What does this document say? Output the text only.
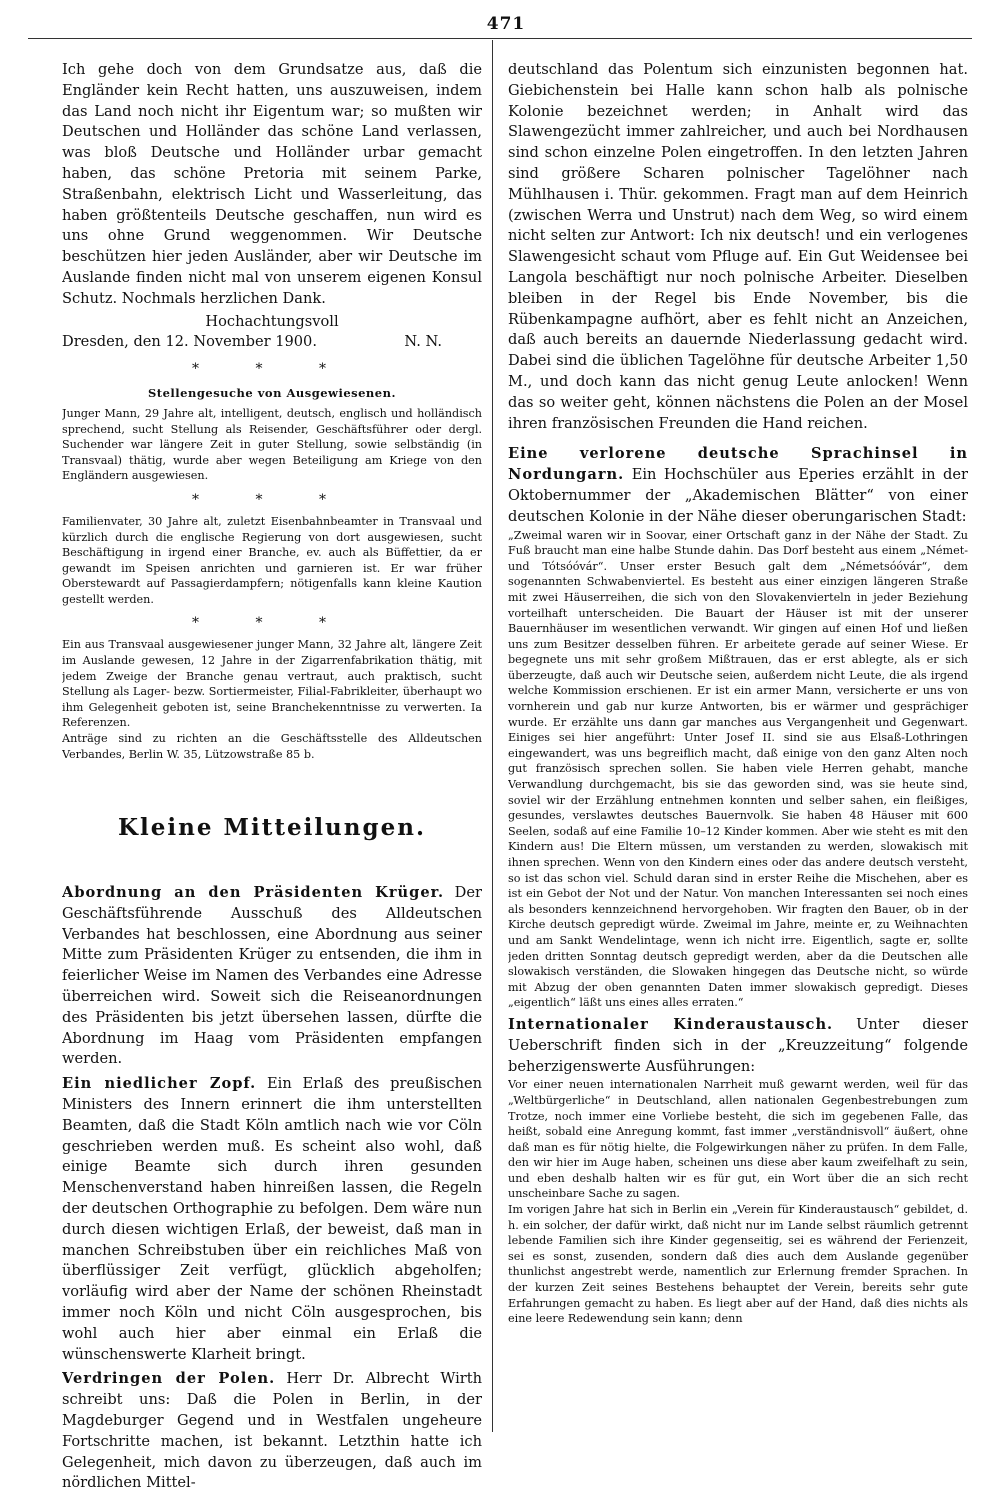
471

Ich gehe doch von dem Grundsatze aus, daß die Engländer kein Recht hatten, uns auszuweisen, indem das Land noch nicht ihr Eigentum war; so mußten wir Deutschen und Holländer das schöne Land verlassen, was bloß Deutsche und Holländer urbar gemacht haben, das schöne Pretoria mit seinem Parke, Straßenbahn, elektrisch Licht und Wasserleitung, das haben größtenteils Deutsche geschaffen, nun wird es uns ohne Grund weggenommen. Wir Deutsche beschützen hier jeden Ausländer, aber wir Deutsche im Auslande finden nicht mal von unserem eigenen Konsul Schutz. Nochmals herzlichen Dank.

Hochachtungsvoll

Dresden, den 12. November 1900.	N. N.
* * *
Stellengesuche von Ausgewiesenen.

Junger Mann, 29 Jahre alt, intelligent, deutsch, englisch und holländisch sprechend, sucht Stellung als Reisender, Geschäftsführer oder dergl. Suchender war längere Zeit in guter Stellung, sowie selbständig (in Transvaal) thätig, wurde aber wegen Beteiligung am Kriege von den Engländern ausgewiesen.

* * *

Familienvater, 30 Jahre alt, zuletzt Eisenbahnbeamter in Transvaal und kürzlich durch die englische Regierung von dort ausgewiesen, sucht Beschäftigung in irgend einer Branche, ev. auch als Büffettier, da er gewandt im Speisen anrichten und garnieren ist. Er war früher Oberstewardt auf Passagierdampfern; nötigenfalls kann kleine Kaution gestellt werden.

* * *

Ein aus Transvaal ausgewiesener junger Mann, 32 Jahre alt, längere Zeit im Auslande gewesen, 12 Jahre in der Zigarrenfabrikation thätig, mit jedem Zweige der Branche genau vertraut, auch praktisch, sucht Stellung als Lager- bezw. Sortiermeister, Filial-Fabrikleiter, überhaupt wo ihm Gelegenheit geboten ist, seine Branchekenntnisse zu verwerten. Ia Referenzen.

Anträge sind zu richten an die Geschäftsstelle des Alldeutschen Verbandes, Berlin W. 35, Lützowstraße 85 b.

Kleine Mitteilungen.

Abordnung an den Präsidenten Krüger. Der Geschäftsführende Ausschuß des Alldeutschen Verbandes hat beschlossen, eine Abordnung aus seiner Mitte zum Präsidenten Krüger zu entsenden, die ihm in feierlicher Weise im Namen des Verbandes eine Adresse überreichen wird. Soweit sich die Reiseanordnungen des Präsidenten bis jetzt übersehen lassen, dürfte die Abordnung im Haag vom Präsidenten empfangen werden.

Ein niedlicher Zopf. Ein Erlaß des preußischen Ministers des Innern erinnert die ihm unterstellten Beamten, daß die Stadt Köln amtlich nach wie vor Cöln geschrieben werden muß. Es scheint also wohl, daß einige Beamte sich durch ihren gesunden Menschenverstand haben hinreißen lassen, die Regeln der deutschen Orthographie zu befolgen. Dem wäre nun durch diesen wichtigen Erlaß, der beweist, daß man in manchen Schreibstuben über ein reichliches Maß von überflüssiger Zeit verfügt, glücklich abgeholfen; vorläufig wird aber der Name der schönen Rheinstadt immer noch Köln und nicht Cöln ausgesprochen, bis wohl auch hier aber einmal ein Erlaß die wünschenswerte Klarheit bringt.

Verdringen der Polen. Herr Dr. Albrecht Wirth schreibt uns: Daß die Polen in Berlin, in der Magdeburger Gegend und in Westfalen ungeheure Fortschritte machen, ist bekannt. Letzthin hatte ich Gelegenheit, mich davon zu überzeugen, daß auch im nördlichen Mittel-

deutschland das Polentum sich einzunisten begonnen hat. Giebichenstein bei Halle kann schon halb als polnische Kolonie bezeichnet werden; in Anhalt wird das Slawengezücht immer zahlreicher, und auch bei Nordhausen sind schon einzelne Polen eingetroffen. In den letzten Jahren sind größere Scharen polnischer Tagelöhner nach Mühlhausen i. Thür. gekommen. Fragt man auf dem Heinrich (zwischen Werra und Unstrut) nach dem Weg, so wird einem nicht selten zur Antwort: Ich nix deutsch! und ein verlogenes Slawengesicht schaut vom Pfluge auf. Ein Gut Weidensee bei Langola beschäftigt nur noch polnische Arbeiter. Dieselben bleiben in der Regel bis Ende November, bis die Rübenkampagne aufhört, aber es fehlt nicht an Anzeichen, daß auch bereits an dauernde Niederlassung gedacht wird. Dabei sind die üblichen Tagelöhne für deutsche Arbeiter 1,50 M., und doch kann das nicht genug Leute anlocken! Wenn das so weiter geht, können nächstens die Polen an der Mosel ihren französischen Freunden die Hand reichen.

Eine verlorene deutsche Sprachinsel in Nordungarn. Ein Hochschüler aus Eperies erzählt in der Oktobernummer der „Akademischen Blätter“ von einer deutschen Kolonie in der Nähe dieser oberungarischen Stadt:

„Zweimal waren wir in Soovar, einer Ortschaft ganz in der Nähe der Stadt. Zu Fuß braucht man eine halbe Stunde dahin. Das Dorf besteht aus einem „Német- und Tótsóóvár“. Unser erster Besuch galt dem „Németsóóvár“, dem sogenannten Schwabenviertel. Es besteht aus einer einzigen längeren Straße mit zwei Häuserreihen, die sich von den Slovakenvierteln in jeder Beziehung vorteilhaft unterscheiden. Die Bauart der Häuser ist mit der unserer Bauernhäuser im wesentlichen verwandt. Wir gingen auf einen Hof und ließen uns zum Besitzer desselben führen. Er arbeitete gerade auf seiner Wiese. Er begegnete uns mit sehr großem Mißtrauen, das er erst ablegte, als er sich überzeugte, daß auch wir Deutsche seien, außerdem nicht Leute, die als irgend welche Kommission erschienen. Er ist ein armer Mann, versicherte er uns von vornherein und gab nur kurze Antworten, bis er wärmer und gesprächiger wurde. Er erzählte uns dann gar manches aus Vergangenheit und Gegenwart. Einiges sei hier angeführt: Unter Josef II. sind sie aus Elsaß-Lothringen eingewandert, was uns begreiflich macht, daß einige von den ganz Alten noch gut französisch sprechen sollen. Sie haben viele Herren gehabt, manche Verwandlung durchgemacht, bis sie das geworden sind, was sie heute sind, soviel wir der Erzählung entnehmen konnten und selber sahen, ein fleißiges, gesundes, verslawtes deutsches Bauernvolk. Sie haben 48 Häuser mit 600 Seelen, sodaß auf eine Familie 10–12 Kinder kommen. Aber wie steht es mit den Kindern aus! Die Eltern müssen, um verstanden zu werden, slowakisch mit ihnen sprechen. Wenn von den Kindern eines oder das andere deutsch versteht, so ist das schon viel. Schuld daran sind in erster Reihe die Mischehen, aber es ist ein Gebot der Not und der Natur. Von manchen Interessanten sei noch eines als besonders kennzeichnend hervorgehoben. Wir fragten den Bauer, ob in der Kirche deutsch gepredigt würde. Zweimal im Jahre, meinte er, zu Weihnachten und am Sankt Wendelintage, wenn ich nicht irre. Eigentlich, sagte er, sollte jeden dritten Sonntag deutsch gepredigt werden, aber da die Deutschen alle slowakisch verständen, die Slowaken hingegen das Deutsche nicht, so würde mit Abzug der oben genannten Daten immer slowakisch gepredigt. Dieses „eigentlich“ läßt uns eines alles erraten.“

Internationaler Kinderaustausch. Unter dieser Ueberschrift finden sich in der „Kreuzzeitung“ folgende beherzigenswerte Ausführungen:

Vor einer neuen internationalen Narrheit muß gewarnt werden, weil für das „Weltbürgerliche“ in Deutschland, allen nationalen Gegenbestrebungen zum Trotze, noch immer eine Vorliebe besteht, die sich im gegebenen Falle, das heißt, sobald eine Anregung kommt, fast immer „verständnisvoll“ äußert, ohne daß man es für nötig hielte, die Folgewirkungen näher zu prüfen. In dem Falle, den wir hier im Auge haben, scheinen uns diese aber kaum zweifelhaft zu sein, und eben deshalb halten wir es für gut, ein Wort über die an sich recht unscheinbare Sache zu sagen.

Im vorigen Jahre hat sich in Berlin ein „Verein für Kinderaustausch“ gebildet, d. h. ein solcher, der dafür wirkt, daß nicht nur im Lande selbst räumlich getrennt lebende Familien sich ihre Kinder gegenseitig, sei es während der Ferienzeit, sei es sonst, zusenden, sondern daß dies auch dem Auslande gegenüber thunlichst angestrebt werde, namentlich zur Erlernung fremder Sprachen. In der kurzen Zeit seines Bestehens behauptet der Verein, bereits sehr gute Erfahrungen gemacht zu haben. Es liegt aber auf der Hand, daß dies nichts als eine leere Redewendung sein kann; denn
